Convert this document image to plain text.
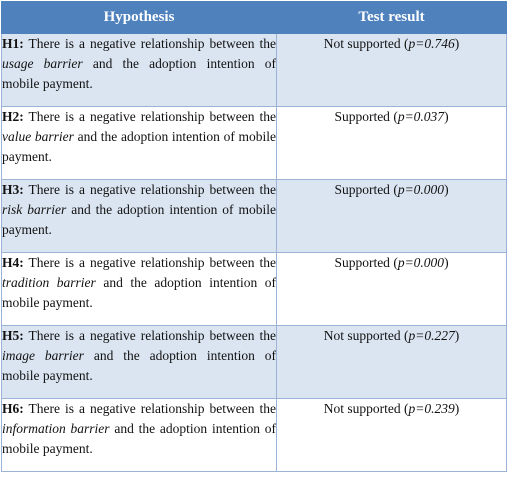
Hypothesis	Test result
H1: There is a negative relationship between the usage barrier and the adoption intention of mobile payment.	Not supported (p=0.746)
H2: There is a negative relationship between the value barrier and the adoption intention of mobile payment.	Supported (p=0.037)
H3: There is a negative relationship between the risk barrier and the adoption intention of mobile payment.	Supported (p=0.000)
H4: There is a negative relationship between the tradition barrier and the adoption intention of mobile payment.	Supported (p=0.000)
H5: There is a negative relationship between the image barrier and the adoption intention of mobile payment.	Not supported (p=0.227)
H6: There is a negative relationship between the information barrier and the adoption intention of mobile payment.	Not supported (p=0.239)
